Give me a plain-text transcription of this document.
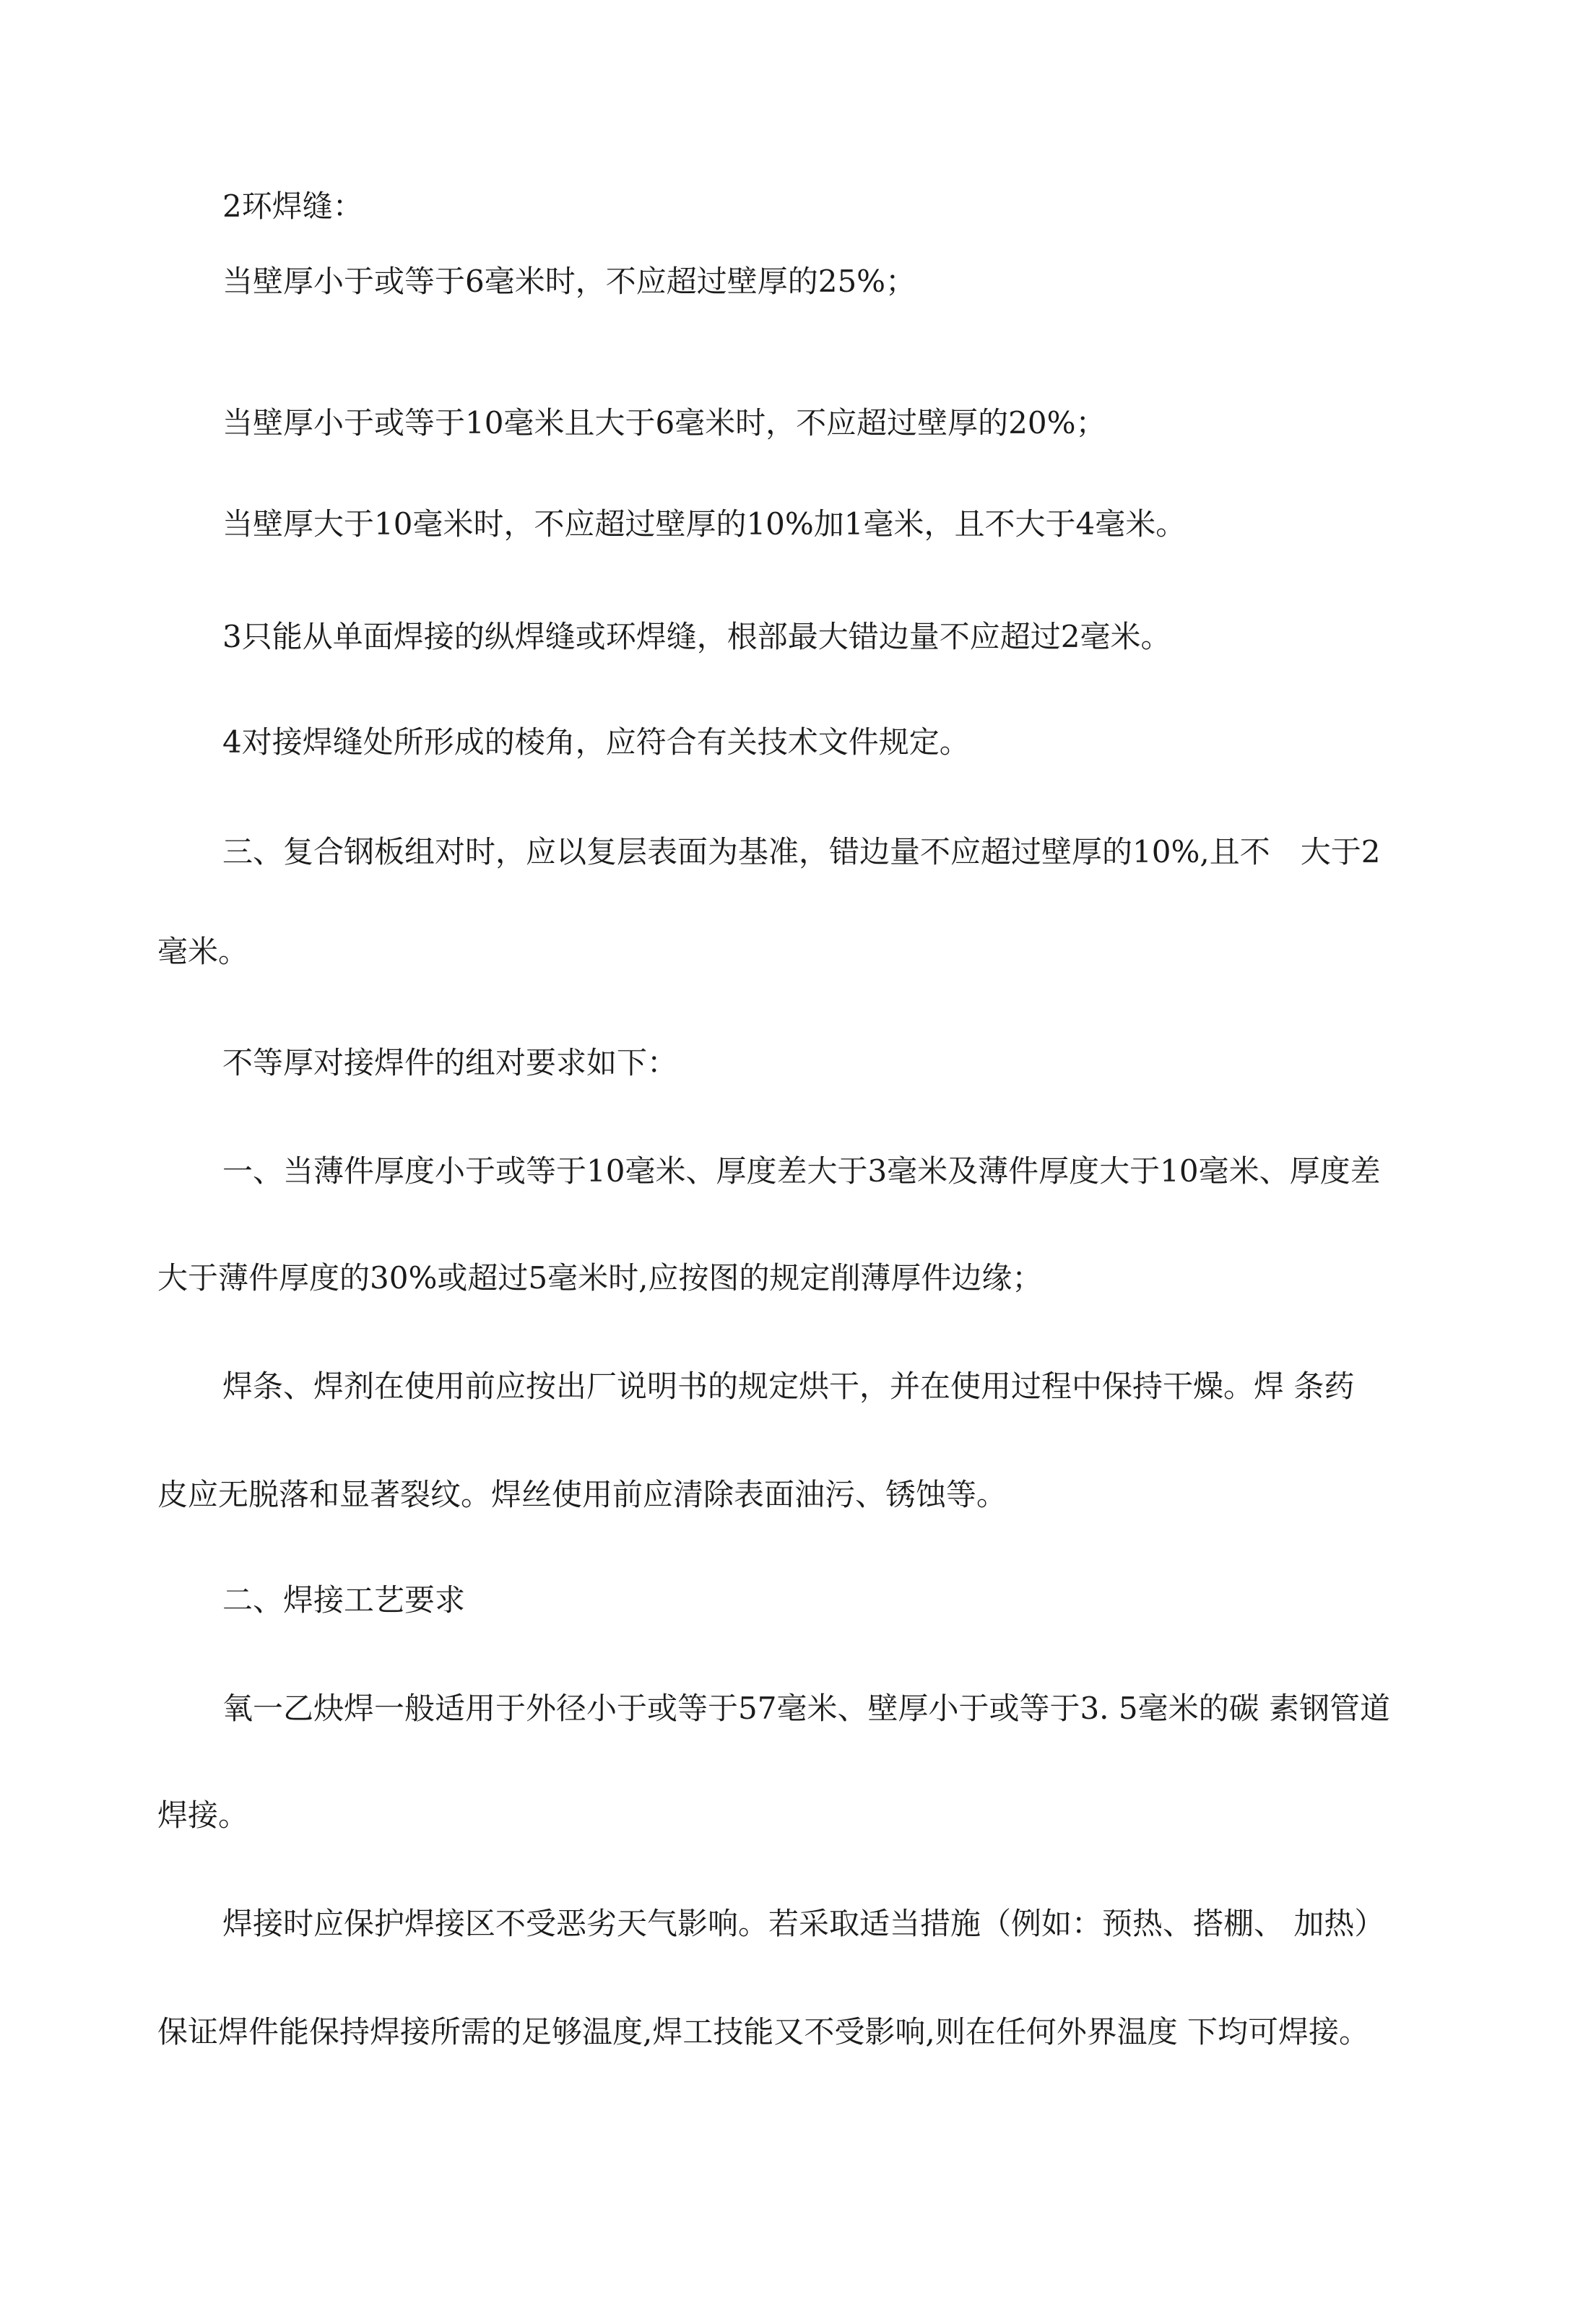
2环焊缝：
当壁厚小于或等于6毫米时，不应超过壁厚的25%；
当壁厚小于或等于10毫米且大于6毫米时，不应超过壁厚的20%；
当壁厚大于10毫米时，不应超过壁厚的10%加1毫米，且不大于4毫米。
3只能从单面焊接的纵焊缝或环焊缝，根部最大错边量不应超过2毫米。
4对接焊缝处所形成的棱角，应符合有关技术文件规定。
三、复合钢板组对时，应以复层表面为基准，错边量不应超过壁厚的10%,且不　大于2
毫米。
不等厚对接焊件的组对要求如下：
一、当薄件厚度小于或等于10毫米、厚度差大于3毫米及薄件厚度大于10毫米、厚度差
大于薄件厚度的30%或超过5毫米时,应按图的规定削薄厚件边缘；
焊条、焊剂在使用前应按出厂说明书的规定烘干，并在使用过程中保持干燥。焊 条药
皮应无脱落和显著裂纹。焊丝使用前应清除表面油污、锈蚀等。
二、焊接工艺要求
氧一乙炔焊一般适用于外径小于或等于57毫米、壁厚小于或等于3. 5毫米的碳 素钢管道
焊接。
焊接时应保护焊接区不受恶劣天气影响。若采取适当措施（例如：预热、搭棚、 加热）
保证焊件能保持焊接所需的足够温度,焊工技能又不受影响,则在任何外界温度 下均可焊接。
